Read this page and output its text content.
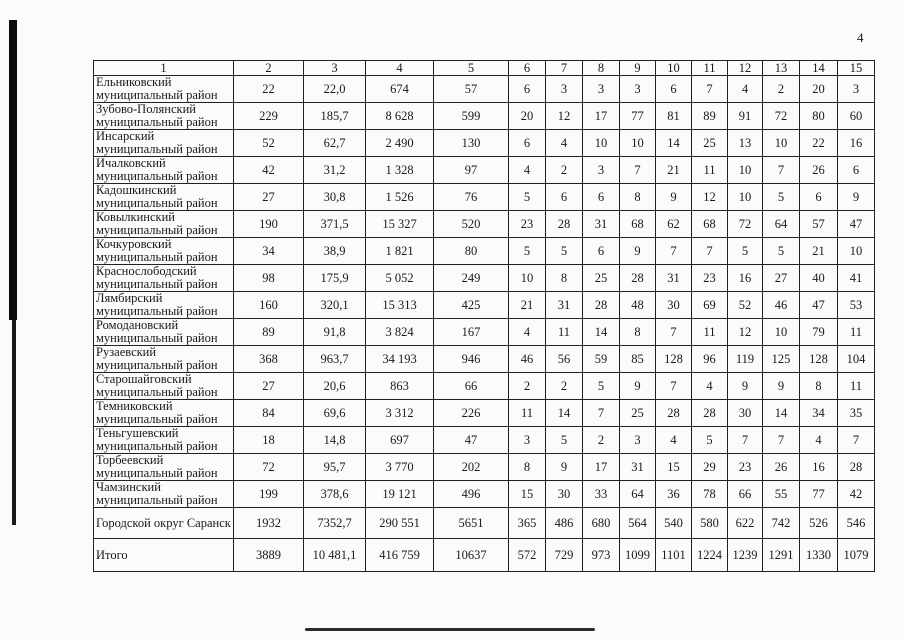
4
1	2	3	4	5	6	7	8	9	10	11	12	13	14	15
Ельниковский муниципальный район	22	22,0	674	57	6	3	3	3	6	7	4	2	20	3
Зубово-Полянский муниципальный район	229	185,7	8 628	599	20	12	17	77	81	89	91	72	80	60
Инсарский муниципальный район	52	62,7	2 490	130	6	4	10	10	14	25	13	10	22	16
Ичалковский муниципальный район	42	31,2	1 328	97	4	2	3	7	21	11	10	7	26	6
Кадошкинский муниципальный район	27	30,8	1 526	76	5	6	6	8	9	12	10	5	6	9
Ковылкинский муниципальный район	190	371,5	15 327	520	23	28	31	68	62	68	72	64	57	47
Кочкуровский муниципальный район	34	38,9	1 821	80	5	5	6	9	7	7	5	5	21	10
Краснослободский муниципальный район	98	175,9	5 052	249	10	8	25	28	31	23	16	27	40	41
Лямбирский муниципальный район	160	320,1	15 313	425	21	31	28	48	30	69	52	46	47	53
Ромодановский муниципальный район	89	91,8	3 824	167	4	11	14	8	7	11	12	10	79	11
Рузаевский муниципальный район	368	963,7	34 193	946	46	56	59	85	128	96	119	125	128	104
Старошайговский муниципальный район	27	20,6	863	66	2	2	5	9	7	4	9	9	8	11
Темниковский муниципальный район	84	69,6	3 312	226	11	14	7	25	28	28	30	14	34	35
Теньгушевский муниципальный район	18	14,8	697	47	3	5	2	3	4	5	7	7	4	7
Торбеевский муниципальный район	72	95,7	3 770	202	8	9	17	31	15	29	23	26	16	28
Чамзинский муниципальный район	199	378,6	19 121	496	15	30	33	64	36	78	66	55	77	42
Городской округ Саранск	1932	7352,7	290 551	5651	365	486	680	564	540	580	622	742	526	546
Итого	3889	10 481,1	416 759	10637	572	729	973	1099	1101	1224	1239	1291	1330	1079
